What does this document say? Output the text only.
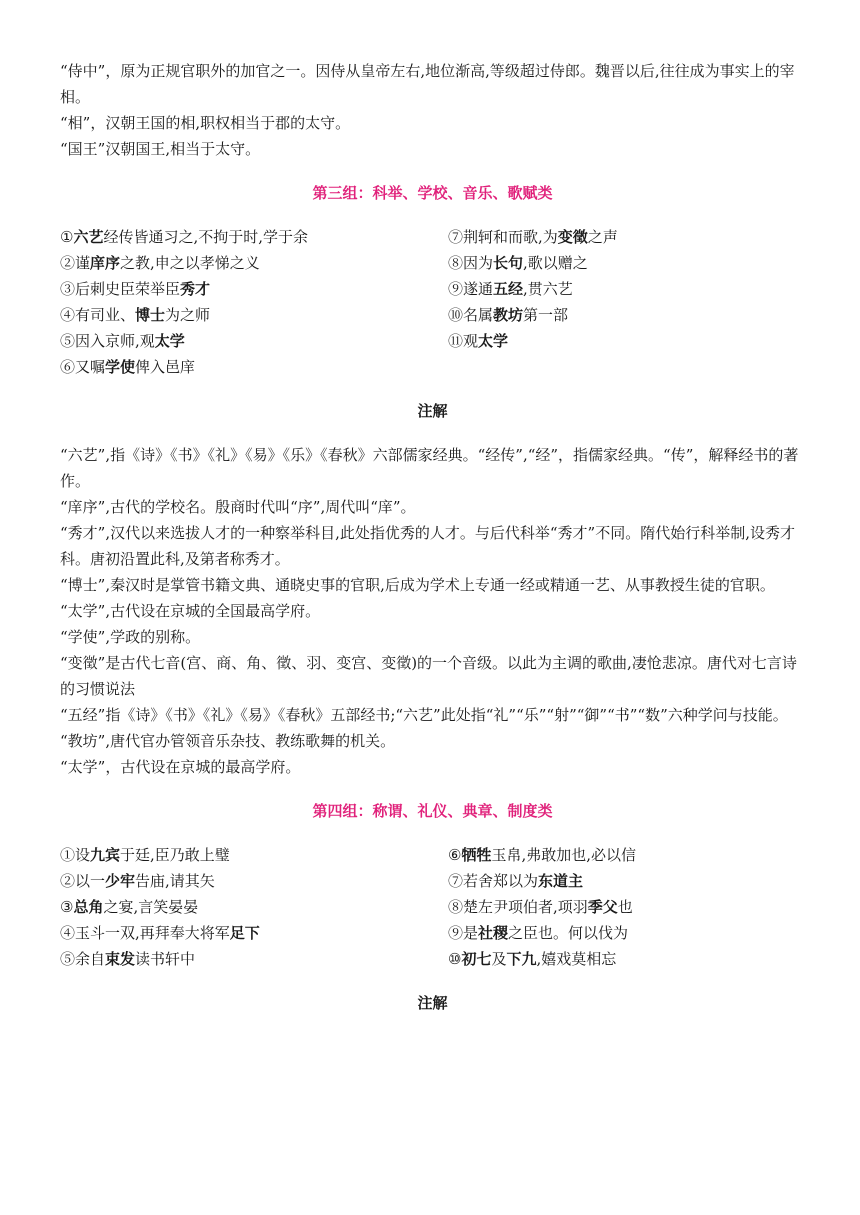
“侍中”，原为正规官职外的加官之一。因侍从皇帝左右,地位渐高,等级超过侍郎。魏晋以后,往往成为事实上的宰相。
“相”，汉朝王国的相,职权相当于郡的太守。
“国王”汉朝国王,相当于太守。
第三组：科举、学校、音乐、歌赋类
①六艺经传皆通习之,不拘于时,学于余
②谨庠序之教,申之以孝悌之义
③后刺史臣荣举臣秀才
④有司业、博士为之师
⑤因入京师,观太学
⑥又嘱学使俾入邑庠
⑦荆轲和而歌,为变徵之声
⑧因为长句,歌以赠之
⑨遂通五经,贯六艺
⑩名属教坊第一部
⑪观太学
注解
“六艺”,指《诗》《书》《礼》《易》《乐》《春秋》六部儒家经典。“经传”,“经”，指儒家经典。“传”，解释经书的著作。
“庠序”,古代的学校名。殷商时代叫“序”,周代叫“庠”。
“秀才”,汉代以来选拔人才的一种察举科目,此处指优秀的人才。与后代科举“秀才”不同。隋代始行科举制,设秀才科。唐初沿置此科,及第者称秀才。
“博士”,秦汉时是掌管书籍文典、通晓史事的官职,后成为学术上专通一经或精通一艺、从事教授生徒的官职。
“太学”,古代设在京城的全国最高学府。
“学使”,学政的别称。
“变徵”是古代七音(宫、商、角、徵、羽、变宫、变徵)的一个音级。以此为主调的歌曲,凄怆悲凉。唐代对七言诗的习惯说法
“五经”指《诗》《书》《礼》《易》《春秋》五部经书;“六艺”此处指“礼”“乐”“射”“御”“书”“数”六种学问与技能。
“教坊”,唐代官办管领音乐杂技、教练歌舞的机关。
“太学”，古代设在京城的最高学府。
第四组：称谓、礼仪、典章、制度类
①设九宾于廷,臣乃敢上璧
②以一少牢告庙,请其矢
③总角之宴,言笑晏晏
④玉斗一双,再拜奉大将军足下
⑤余自束发读书轩中
⑥牺牲玉帛,弗敢加也,必以信
⑦若舍郑以为东道主
⑧楚左尹项伯者,项羽季父也
⑨是社稷之臣也。何以伐为
⑩初七及下九,嬉戏莫相忘
注解
